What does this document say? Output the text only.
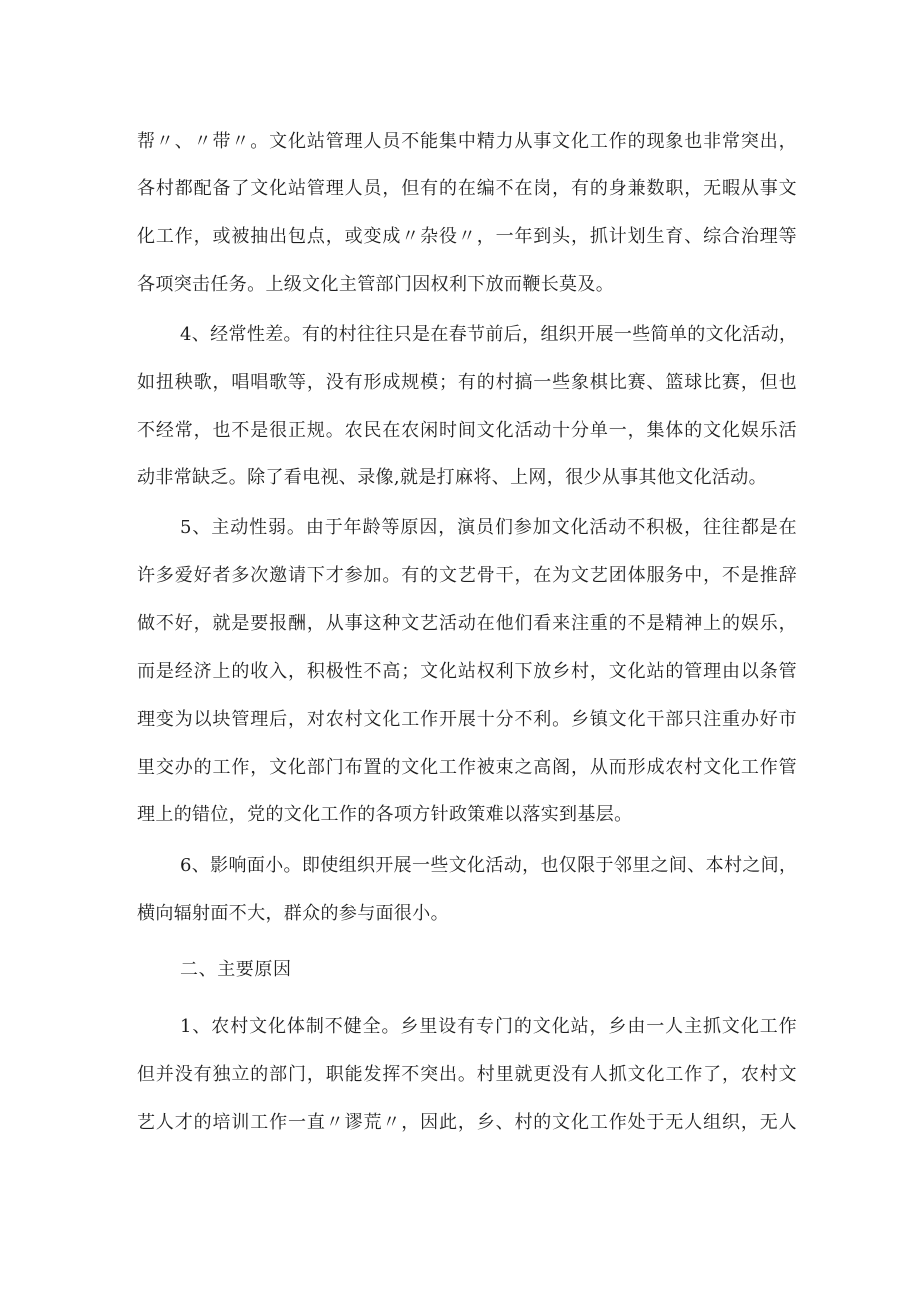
帮〃、〃带〃。文化站管理人员不能集中精力从事文化工作的现象也非常突出，
各村都配备了文化站管理人员，但有的在编不在岗，有的身兼数职，无暇从事文
化工作，或被抽出包点，或变成〃杂役〃，一年到头，抓计划生育、综合治理等
各项突击任务。上级文化主管部门因权利下放而鞭长莫及。
4、经常性差。有的村往往只是在春节前后，组织开展一些简单的文化活动，
如扭秧歌，唱唱歌等，没有形成规模；有的村搞一些象棋比赛、篮球比赛，但也
不经常，也不是很正规。农民在农闲时间文化活动十分单一，集体的文化娱乐活
动非常缺乏。除了看电视、录像,就是打麻将、上网，很少从事其他文化活动。
5、主动性弱。由于年龄等原因，演员们参加文化活动不积极，往往都是在
许多爱好者多次邀请下才参加。有的文艺骨干，在为文艺团体服务中，不是推辞
做不好，就是要报酬，从事这种文艺活动在他们看来注重的不是精神上的娱乐，
而是经济上的收入，积极性不高；文化站权利下放乡村，文化站的管理由以条管
理变为以块管理后，对农村文化工作开展十分不利。乡镇文化干部只注重办好市
里交办的工作，文化部门布置的文化工作被束之高阁，从而形成农村文化工作管
理上的错位，党的文化工作的各项方针政策难以落实到基层。
6、影响面小。即使组织开展一些文化活动，也仅限于邻里之间、本村之间，
横向辐射面不大，群众的参与面很小。
二、主要原因
1、农村文化体制不健全。乡里设有专门的文化站，乡由一人主抓文化工作
但并没有独立的部门，职能发挥不突出。村里就更没有人抓文化工作了，农村文
艺人才的培训工作一直〃谬荒〃，因此，乡、村的文化工作处于无人组织，无人
